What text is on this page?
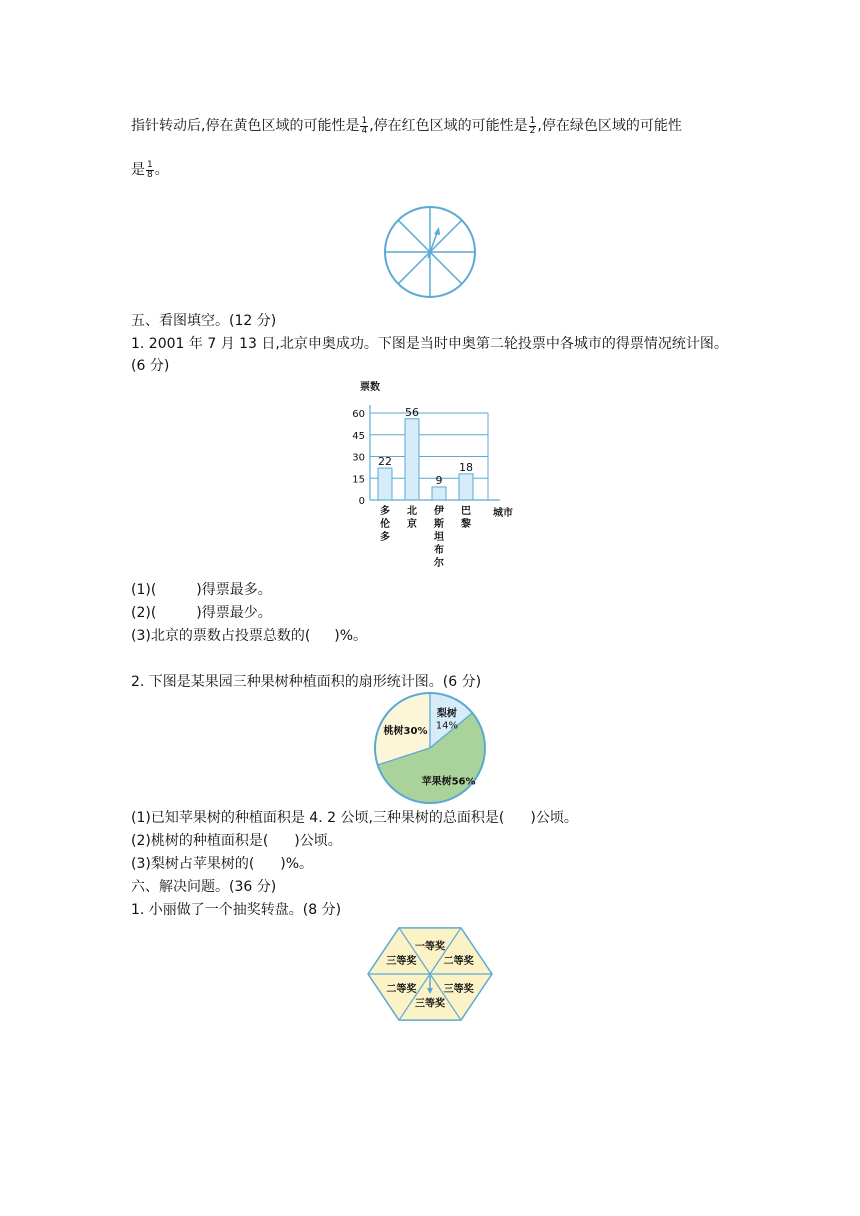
指针转动后,停在黄色区域的可能性是 $\frac{1}{4}$ ,停在红色区域的可能性是 $\frac{1}{2}$ ,停在绿色区域的可能性
是 $\frac{1}{8}$ 。
五、看图填空。(12 分)
1. 2001 年 7 月 13 日,北京申奥成功。下图是当时申奥第二轮投票中各城市的得票情况统计图。
(6 分)
票数
0
15
30
45
60
22
多
伦
多
56
北
京
9
伊
斯
坦
布
尔
18
巴
黎
城市
(1)(	)得票最多。
(2)(	)得票最少。
(3)北京的票数占投票总数的( )%。
2. 下图是某果园三种果树种植面积的扇形统计图。(6 分)
桃树30%
梨树
14%
苹果树56%
(1)已知苹果树的种植面积是 4. 2 公顷,三种果树的总面积是( )公顷。
(2)桃树的种植面积是( )公顷。
(3)梨树占苹果树的( )%。
六、解决问题。(36 分)
1. 小丽做了一个抽奖转盘。(8 分)
一等奖
二等奖
三等奖
三等奖
二等奖	三等奖
